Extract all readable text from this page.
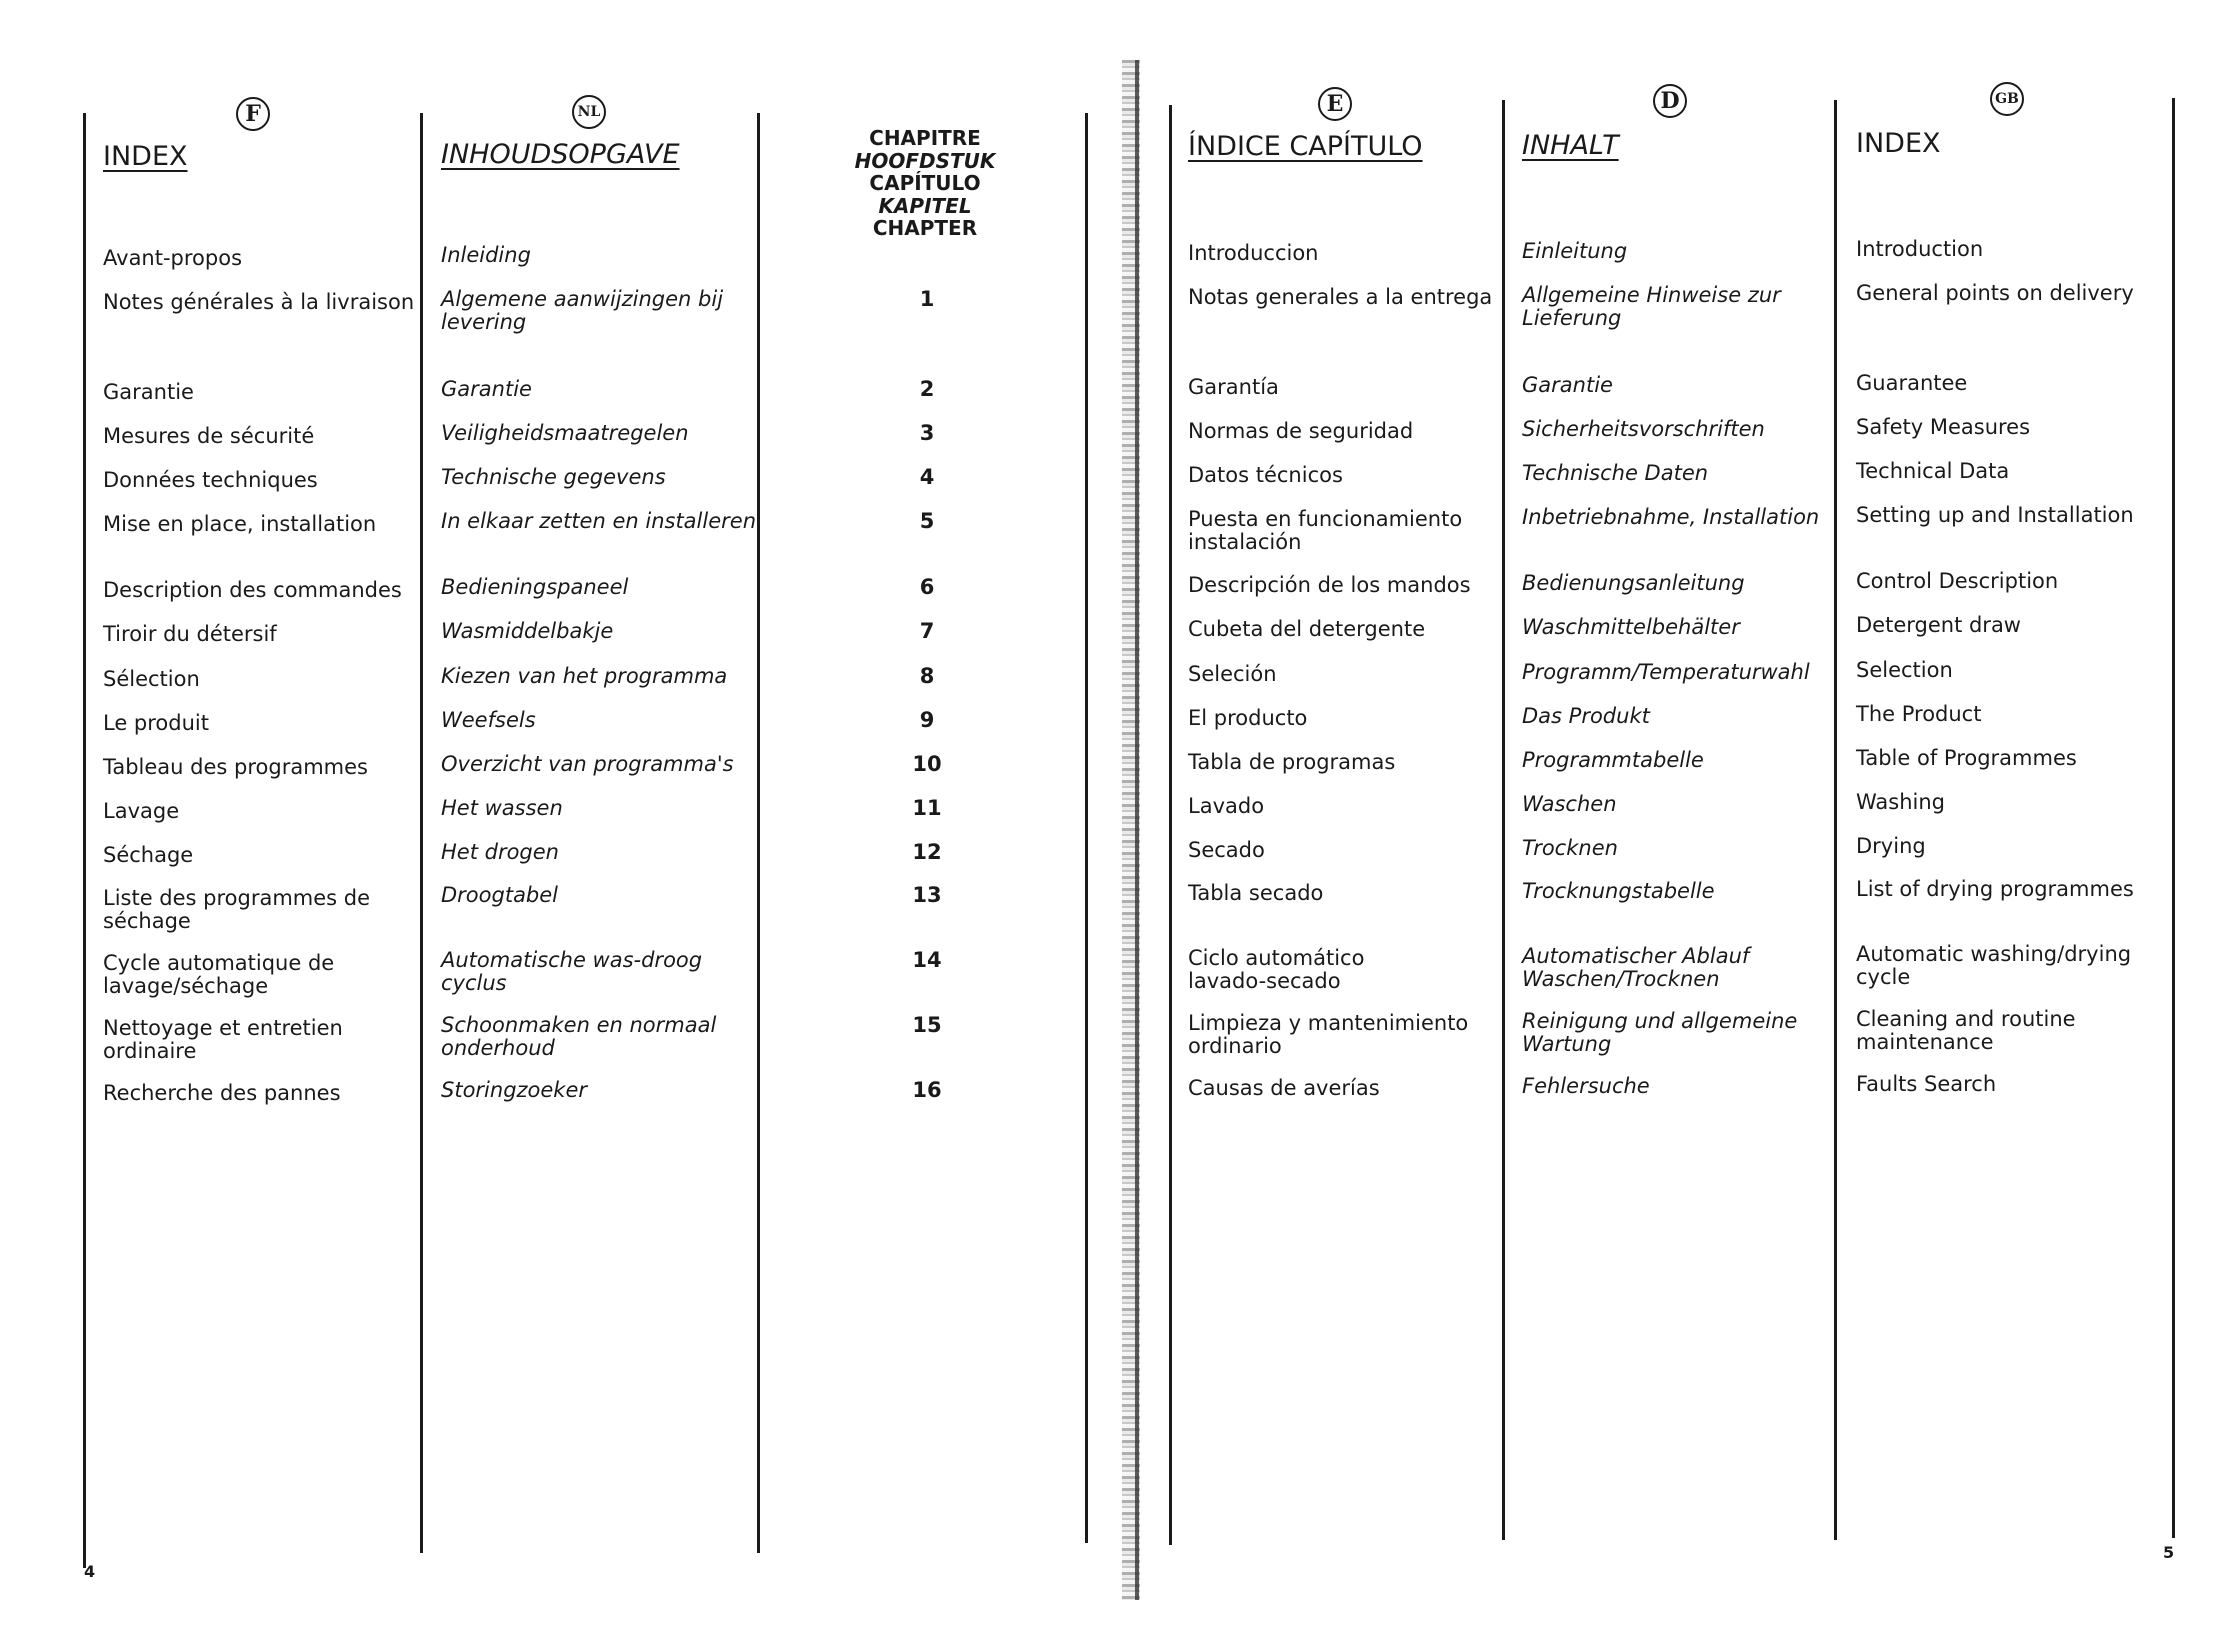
F
INDEX
Avant-propos
Notes générales à la livraison
Garantie
Mesures de sécurité
Données techniques
Mise en place, installation
Description des commandes
Tiroir du détersif
Sélection
Le produit
Tableau des programmes
Lavage
Séchage
Liste des programmes de
séchage
Cycle automatique de
lavage/séchage
Nettoyage et entretien
ordinaire
Recherche des pannes
NL
INHOUDSOPGAVE
Inleiding
Algemene aanwijzingen bij
levering
Garantie
Veiligheidsmaatregelen
Technische gegevens
In elkaar zetten en installeren
Bedieningspaneel
Wasmiddelbakje
Kiezen van het programma
Weefsels
Overzicht van programma's
Het wassen
Het drogen
Droogtabel
Automatische was-droog
cyclus
Schoonmaken en normaal
onderhoud
Storingzoeker
CHAPITRE
HOOFDSTUK
CAPÍTULO
KAPITEL
CHAPTER
1
2
3
4
5
6
7
8
9
10
11
12
13
14
15
16
E
ÍNDICE CAPÍTULO
Introduccion
Notas generales a la entrega
Garantía
Normas de seguridad
Datos técnicos
Puesta en funcionamiento
instalación
Descripción de los mandos
Cubeta del detergente
Seleción
El producto
Tabla de programas
Lavado
Secado
Tabla secado
Ciclo automático
lavado-secado
Limpieza y mantenimiento
ordinario
Causas de averías
D
INHALT
Einleitung
Allgemeine Hinweise zur
Lieferung
Garantie
Sicherheitsvorschriften
Technische Daten
Inbetriebnahme, Installation
Bedienungsanleitung
Waschmittelbehälter
Programm/Temperaturwahl
Das Produkt
Programmtabelle
Waschen
Trocknen
Trocknungstabelle
Automatischer Ablauf
Waschen/Trocknen
Reinigung und allgemeine
Wartung
Fehlersuche
GB
INDEX
Introduction
General points on delivery
Guarantee
Safety Measures
Technical Data
Setting up and Installation
Control Description
Detergent draw
Selection
The Product
Table of Programmes
Washing
Drying
List of drying programmes
Automatic washing/drying
cycle
Cleaning and routine
maintenance
Faults Search
4
5
